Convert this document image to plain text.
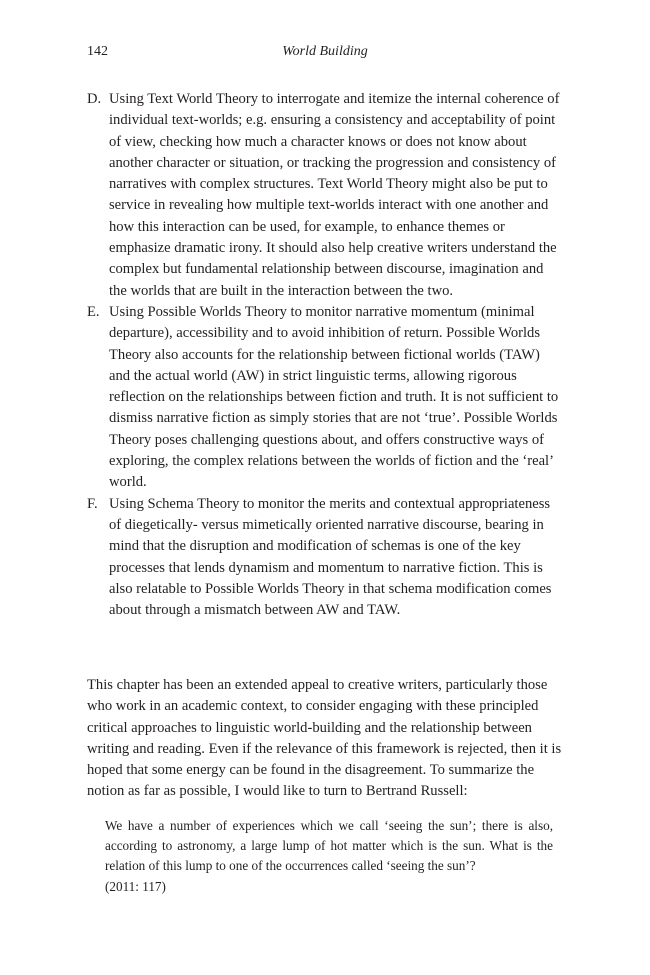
142	World Building
D. Using Text World Theory to interrogate and itemize the internal coherence of individual text-worlds; e.g. ensuring a consistency and acceptability of point of view, checking how much a character knows or does not know about another character or situation, or tracking the progression and consistency of narratives with complex structures. Text World Theory might also be put to service in revealing how multiple text-worlds interact with one another and how this interaction can be used, for example, to enhance themes or emphasize dramatic irony. It should also help creative writers understand the complex but fundamental relationship between discourse, imagination and the worlds that are built in the interaction between the two.
E. Using Possible Worlds Theory to monitor narrative momentum (minimal departure), accessibility and to avoid inhibition of return. Possible Worlds Theory also accounts for the relationship between fictional worlds (TAW) and the actual world (AW) in strict linguistic terms, allowing rigorous reflection on the relationships between fiction and truth. It is not sufficient to dismiss narrative fiction as simply stories that are not ‘true’. Possible Worlds Theory poses challenging questions about, and offers constructive ways of exploring, the complex relations between the worlds of fiction and the ‘real’ world.
F. Using Schema Theory to monitor the merits and contextual appropriateness of diegetically- versus mimetically oriented narrative discourse, bearing in mind that the disruption and modification of schemas is one of the key processes that lends dynamism and momentum to narrative fiction. This is also relatable to Possible Worlds Theory in that schema modification comes about through a mismatch between AW and TAW.

This chapter has been an extended appeal to creative writers, particularly those who work in an academic context, to consider engaging with these principled critical approaches to linguistic world-building and the relationship between writing and reading. Even if the relevance of this framework is rejected, then it is hoped that some energy can be found in the disagreement. To summarize the notion as far as possible, I would like to turn to Bertrand Russell:

We have a number of experiences which we call ‘seeing the sun’; there is also, according to astronomy, a large lump of hot matter which is the sun. What is the relation of this lump to one of the occurrences called ‘seeing the sun’?
(2011: 117)
